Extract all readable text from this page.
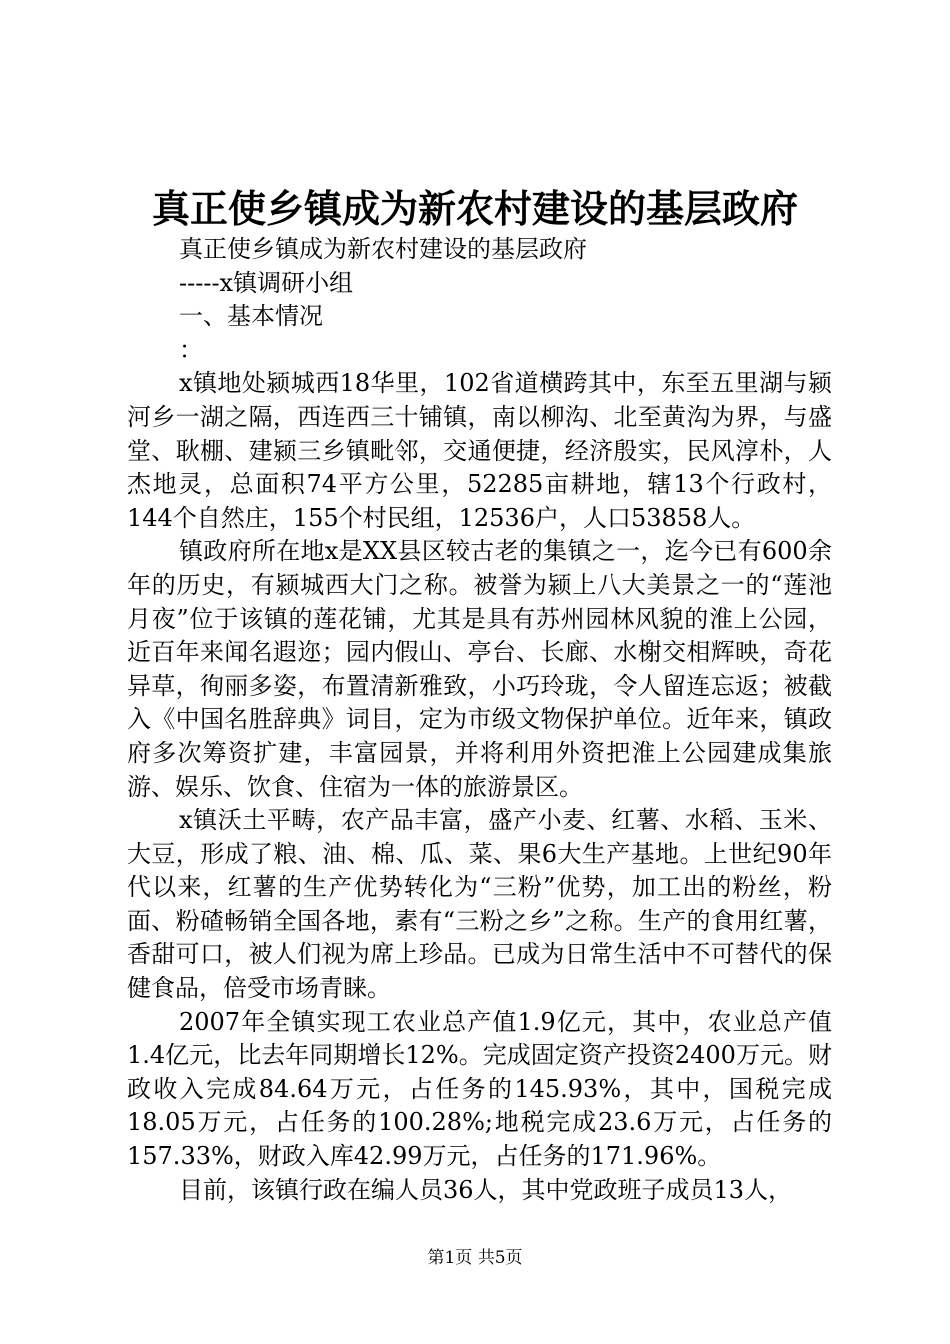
真正使乡镇成为新农村建设的基层政府

真正使乡镇成为新农村建设的基层政府

-----x镇调研小组

一、基本情况

：

x镇地处颍城西18华里，102省道横跨其中，东至五里湖与颍河乡一湖之隔，西连西三十铺镇，南以柳沟、北至黄沟为界，与盛堂、耿棚、建颍三乡镇毗邻，交通便捷，经济殷实，民风淳朴，人杰地灵，总面积74平方公里，52285亩耕地，辖13个行政村，144个自然庄，155个村民组，12536户，人口53858人。

镇政府所在地x是XX县区较古老的集镇之一，迄今已有600余年的历史，有颍城西大门之称。被誉为颍上八大美景之一的“莲池月夜”位于该镇的莲花铺，尤其是具有苏州园林风貌的淮上公园，近百年来闻名遐迩；园内假山、亭台、长廊、水榭交相辉映，奇花异草，徇丽多姿，布置清新雅致，小巧玲珑，令人留连忘返；被截入《中国名胜辞典》词目，定为市级文物保护单位。近年来，镇政府多次筹资扩建，丰富园景，并将利用外资把淮上公园建成集旅游、娱乐、饮食、住宿为一体的旅游景区。

x镇沃土平畴，农产品丰富，盛产小麦、红薯、水稻、玉米、大豆，形成了粮、油、棉、瓜、菜、果6大生产基地。上世纪90年代以来，红薯的生产优势转化为“三粉”优势，加工出的粉丝，粉面、粉碴畅销全国各地，素有“三粉之乡”之称。生产的食用红薯，香甜可口，被人们视为席上珍品。已成为日常生活中不可替代的保健食品，倍受市场青睐。

2007年全镇实现工农业总产值1.9亿元，其中，农业总产值1.4亿元，比去年同期增长12%。完成固定资产投资2400万元。财政收入完成84.64万元，占任务的145.93%，其中，国税完成18.05万元，占任务的100.28%;地税完成23.6万元，占任务的157.33%，财政入库42.99万元，占任务的171.96%。

目前，该镇行政在编人员36人，其中党政班子成员13人，

第1页 共5页
